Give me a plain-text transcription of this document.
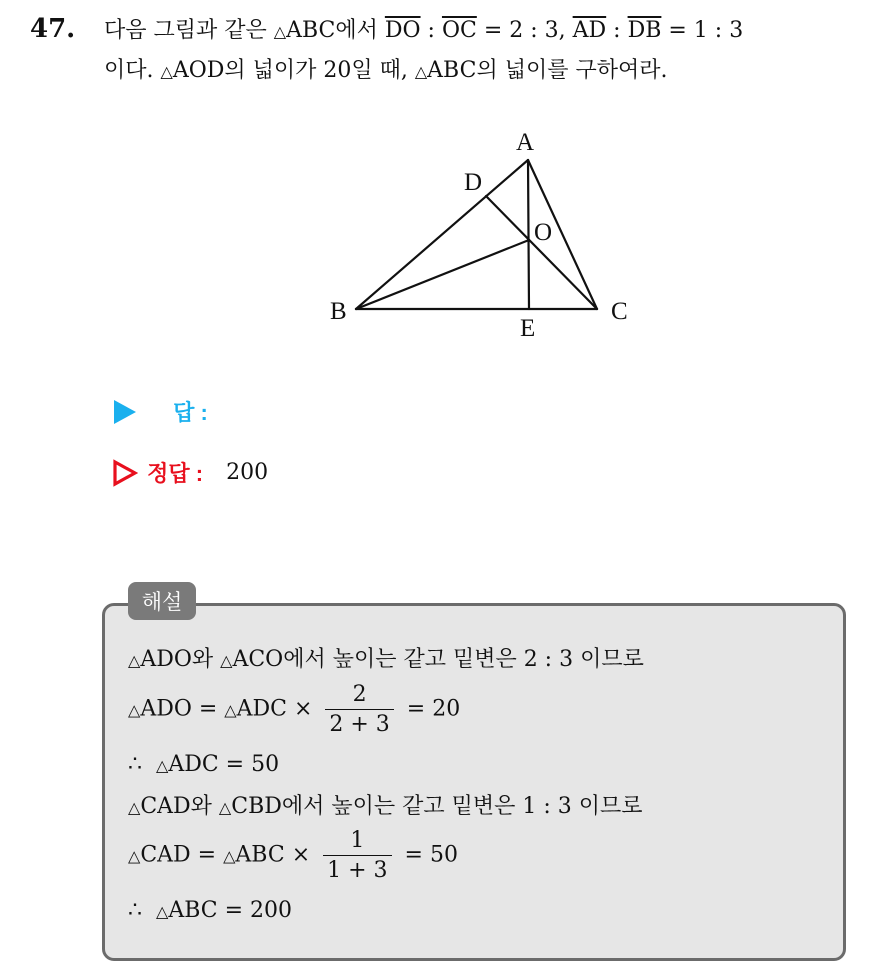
47. 다음 그림과 같은 △ABC에서 $\overline{DO}$ : $\overline{OC} = 2$ : 3, $\overline{AD}$ : $\overline{DB} = 1$ : 3
이다. △AOD의 넓이가 20일 때, △ABC의 넓이를 구하여라.
A
D
O
B	C
E
답 :
정답 : 200
해설
△ADO와 △ACO에서 높이는 같고 밑변은 2 : 3 이므로
△ADO = △ADC × $\frac{2}{2 + 3} = 20$
∴ △ADC = 50
△CAD와 △CBD에서 높이는 같고 밑변은 1 : 3 이므로
△CAD = △ABC × $\frac{1}{1 + 3} = 50$
∴ △ABC = 200
